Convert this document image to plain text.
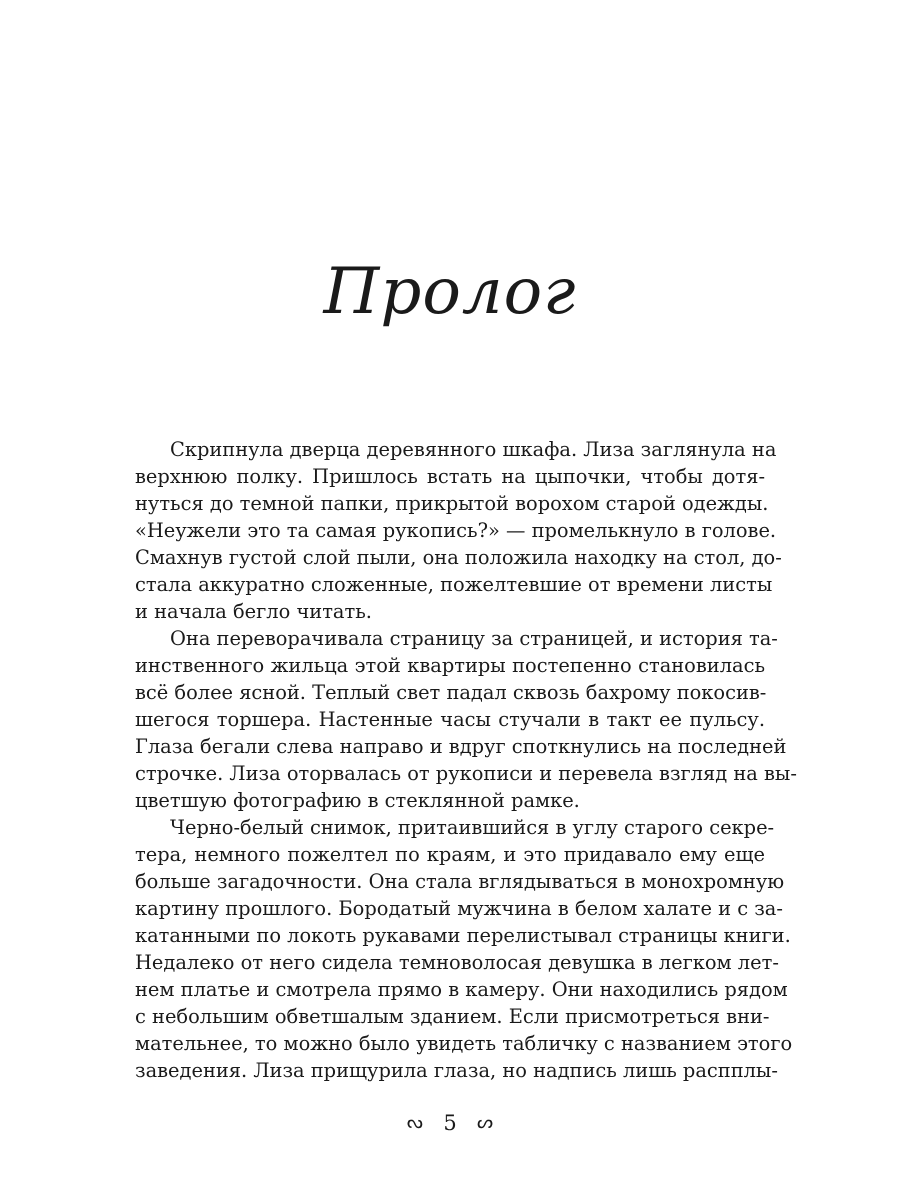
Пролог
Скрипнула дверца деревянного шкафа. Лиза заглянула на
верхнюю полку. Пришлось встать на цыпочки, чтобы дотя-
нуться до темной папки, прикрытой ворохом старой одежды.
«Неужели это та самая рукопись?» — промелькнуло в голове.
Смахнув густой слой пыли, она положила находку на стол, до-
стала аккуратно сложенные, пожелтевшие от времени листы
и начала бегло читать.
Она переворачивала страницу за страницей, и история та-
инственного жильца этой квартиры постепенно становилась
всё более ясной. Теплый свет падал сквозь бахрому покосив-
шегося торшера. Настенные часы стучали в такт ее пульсу.
Глаза бегали слева направо и вдруг споткнулись на последней
строчке. Лиза оторвалась от рукописи и перевела взгляд на вы-
цветшую фотографию в стеклянной рамке.
Черно-белый снимок, притаившийся в углу старого секре-
тера, немного пожелтел по краям, и это придавало ему еще
больше загадочности. Она стала вглядываться в монохромную
картину прошлого. Бородатый мужчина в белом халате и с за-
катанными по локоть рукавами перелистывал страницы книги.
Недалеко от него сидела темноволосая девушка в легком лет-
нем платье и смотрела прямо в камеру. Они находились рядом
с небольшим обветшалым зданием. Если присмотреться вни-
мательнее, то можно было увидеть табличку с названием этого
заведения. Лиза прищурила глаза, но надпись лишь распплы-
ᔓ 5 ᔕ
